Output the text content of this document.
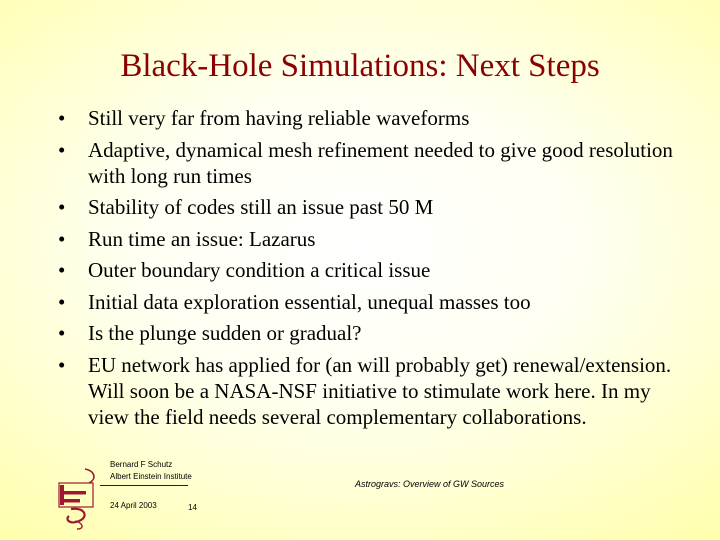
Black-Hole Simulations: Next Steps
• Still very far from having reliable waveforms
• Adaptive, dynamical mesh refinement needed to give good resolution with long run times
• Stability of codes still an issue past 50 M
• Run time an issue: Lazarus
• Outer boundary condition a critical issue
• Initial data exploration essential, unequal masses too
• Is the plunge sudden or gradual?
• EU network has applied for (an will probably get) renewal/extension. Will soon be a NASA-NSF initiative to stimulate work here. In my view the field needs several complementary collaborations.
Bernard F Schutz
Albert Einstein Institute
24 April 2003	14
Astrogravs: Overview of GW Sources
